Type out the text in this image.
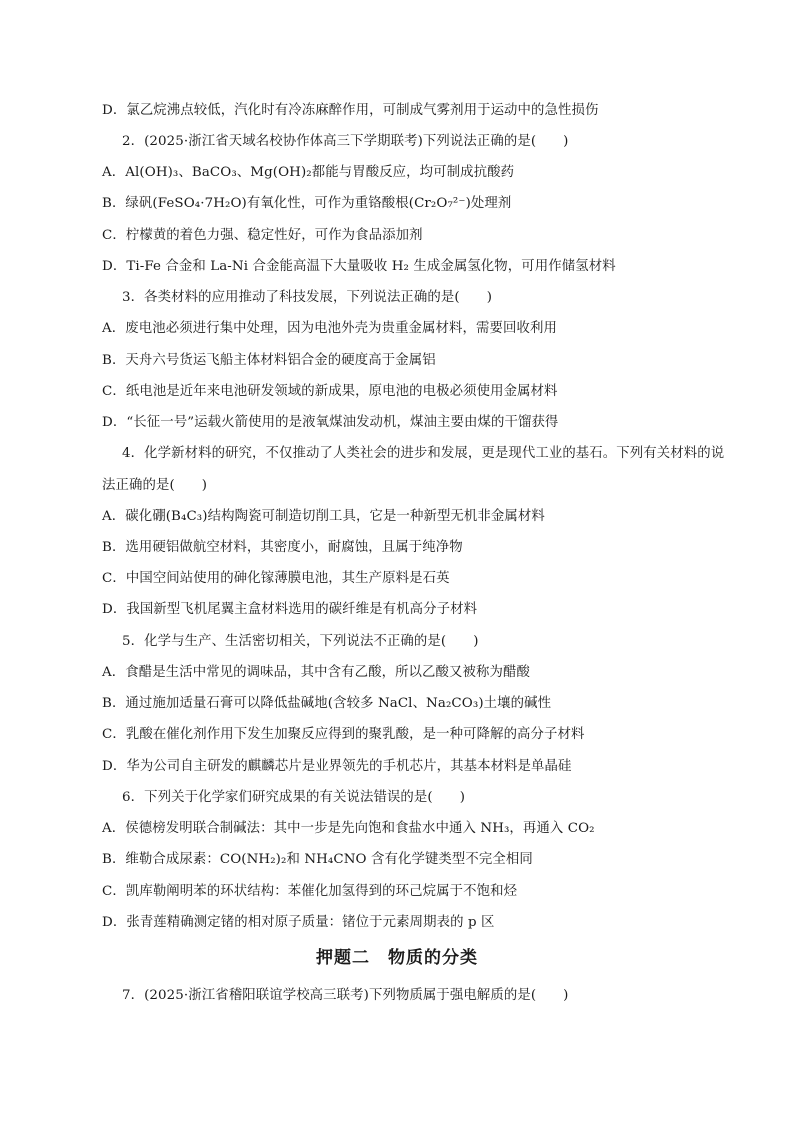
D．氯乙烷沸点较低，汽化时有冷冻麻醉作用，可制成气雾剂用于运动中的急性损伤
2．(2025·浙江省天域名校协作体高三下学期联考)下列说法正确的是(　　)
A．Al(OH)₃、BaCO₃、Mg(OH)₂都能与胃酸反应，均可制成抗酸药
B．绿矾(FeSO₄·7H₂O)有氧化性，可作为重铬酸根(Cr₂O₇²⁻)处理剂
C．柠檬黄的着色力强、稳定性好，可作为食品添加剂
D．Ti-Fe 合金和 La-Ni 合金能高温下大量吸收 H₂ 生成金属氢化物，可用作储氢材料
3．各类材料的应用推动了科技发展，下列说法正确的是(　　)
A．废电池必须进行集中处理，因为电池外壳为贵重金属材料，需要回收利用
B．天舟六号货运飞船主体材料铝合金的硬度高于金属铝
C．纸电池是近年来电池研发领域的新成果，原电池的电极必须使用金属材料
D．“长征一号”运载火箭使用的是液氧煤油发动机，煤油主要由煤的干馏获得
4．化学新材料的研究，不仅推动了人类社会的进步和发展，更是现代工业的基石。下列有关材料的说
法正确的是(　　)
A．碳化硼(B₄C₃)结构陶瓷可制造切削工具，它是一种新型无机非金属材料
B．选用硬铝做航空材料，其密度小，耐腐蚀，且属于纯净物
C．中国空间站使用的砷化镓薄膜电池，其生产原料是石英
D．我国新型飞机尾翼主盒材料选用的碳纤维是有机高分子材料
5．化学与生产、生活密切相关，下列说法不正确的是(　　)
A．食醋是生活中常见的调味品，其中含有乙酸，所以乙酸又被称为醋酸
B．通过施加适量石膏可以降低盐碱地(含较多 NaCl、Na₂CO₃)土壤的碱性
C．乳酸在催化剂作用下发生加聚反应得到的聚乳酸，是一种可降解的高分子材料
D．华为公司自主研发的麒麟芯片是业界领先的手机芯片，其基本材料是单晶硅
6．下列关于化学家们研究成果的有关说法错误的是(　　)
A．侯德榜发明联合制碱法：其中一步是先向饱和食盐水中通入 NH₃，再通入 CO₂
B．维勒合成尿素：CO(NH₂)₂和 NH₄CNO 含有化学键类型不完全相同
C．凯库勒阐明苯的环状结构：苯催化加氢得到的环己烷属于不饱和烃
D．张青莲精确测定锗的相对原子质量：锗位于元素周期表的 p 区
押题二　物质的分类
7．(2025·浙江省稽阳联谊学校高三联考)下列物质属于强电解质的是(　　)
